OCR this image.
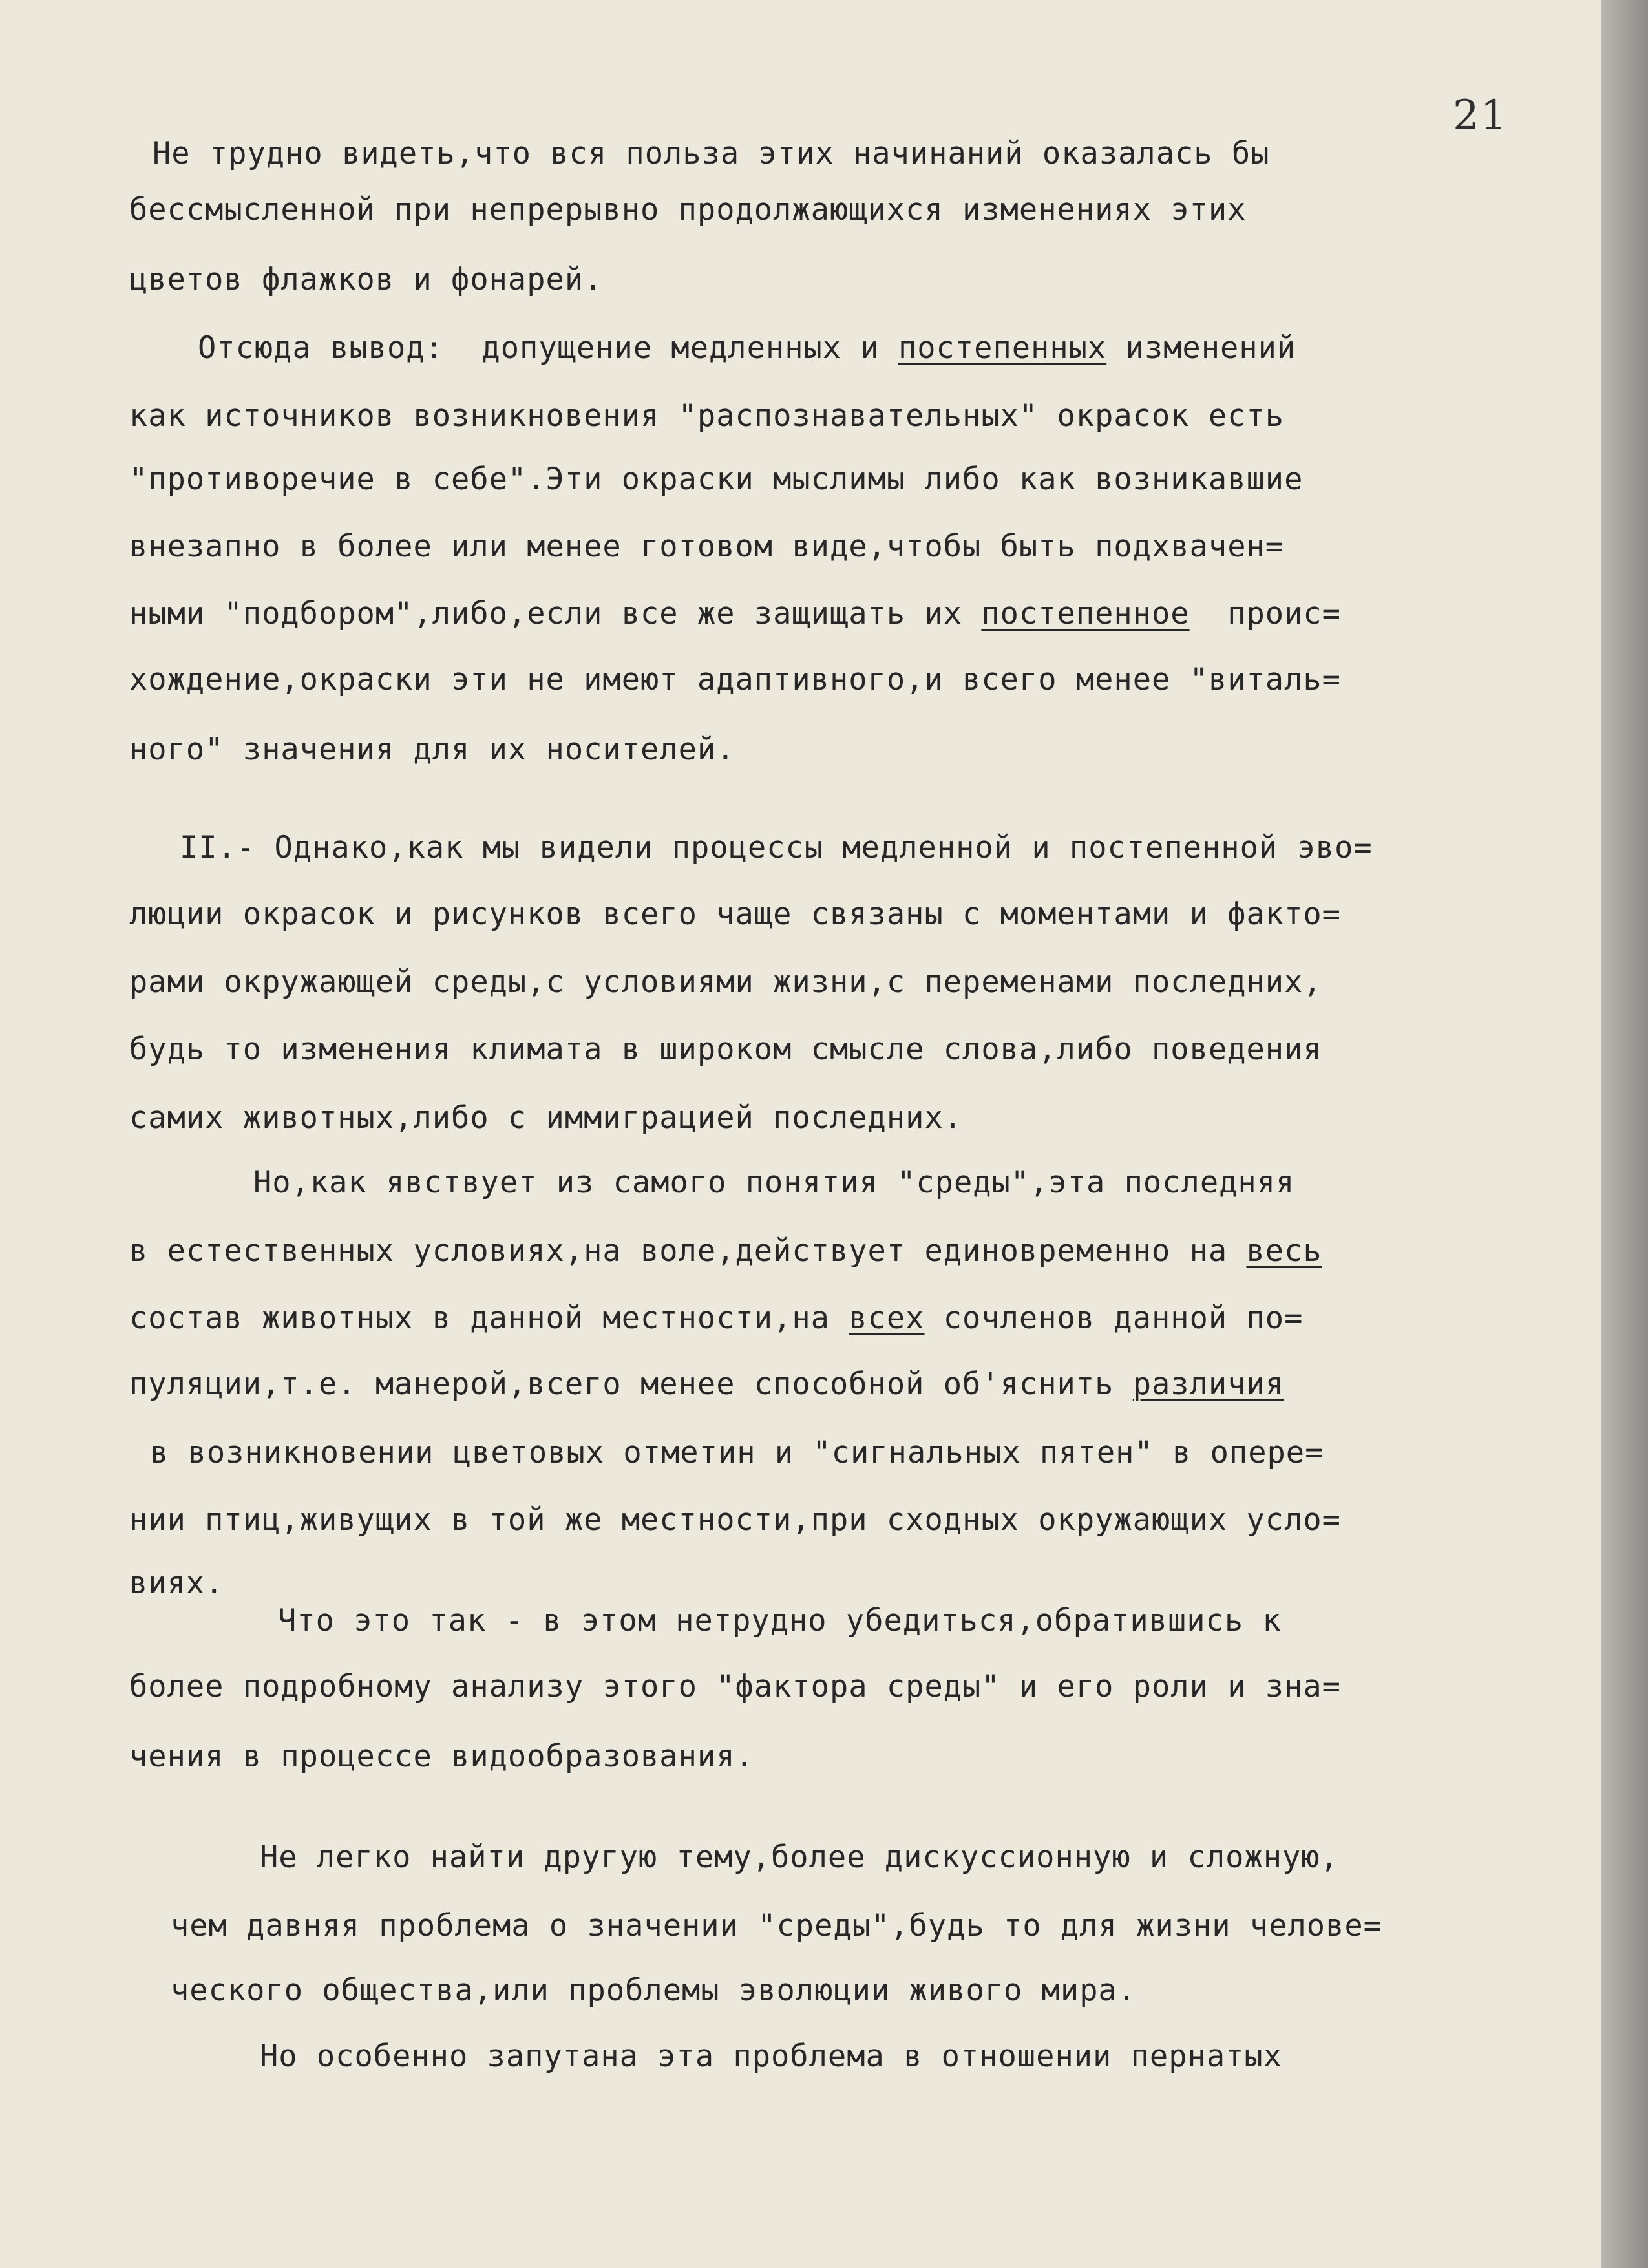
21
Не трудно видеть,что вся польза этих начинаний оказалась бы
бессмысленной при непрерывно продолжающихся изменениях этих
цветов флажков и фонарей.
Отсюда вывод:  допущение медленных и постепенных изменений
как источников возникновения "распознавательных" окрасок есть
"противоречие в себе".Эти окраски мыслимы либо как возникавшие
внезапно в более или менее готовом виде,чтобы быть подхвачен=
ными "подбором",либо,если все же защищать их постепенное  проис=
хождение,окраски эти не имеют адаптивного,и всего менее "виталь=
ного" значения для их носителей.
II.- Однако,как мы видели процессы медленной и постепенной эво=
люции окрасок и рисунков всего чаще связаны с моментами и факто=
рами окружающей среды,с условиями жизни,с переменами последних,
будь то изменения климата в широком смысле слова,либо поведения
самих животных,либо с иммиграцией последних.
Но,как явствует из самого понятия "среды",эта последняя
в естественных условиях,на воле,действует единовременно на весь
состав животных в данной местности,на всех сочленов данной по=
пуляции,т.е. манерой,всего менее способной об'яснить различия
в возникновении цветовых отметин и "сигнальных пятен" в опере=
нии птиц,живущих в той же местности,при сходных окружающих усло=
виях.
Что это так - в этом нетрудно убедиться,обратившись к
более подробному анализу этого "фактора среды" и его роли и зна=
чения в процессе видообразования.
Не легко найти другую тему,более дискуссионную и сложную,
чем давняя проблема о значении "среды",будь то для жизни челове=
ческого общества,или проблемы эволюции живого мира.
Но особенно запутана эта проблема в отношении пернатых
